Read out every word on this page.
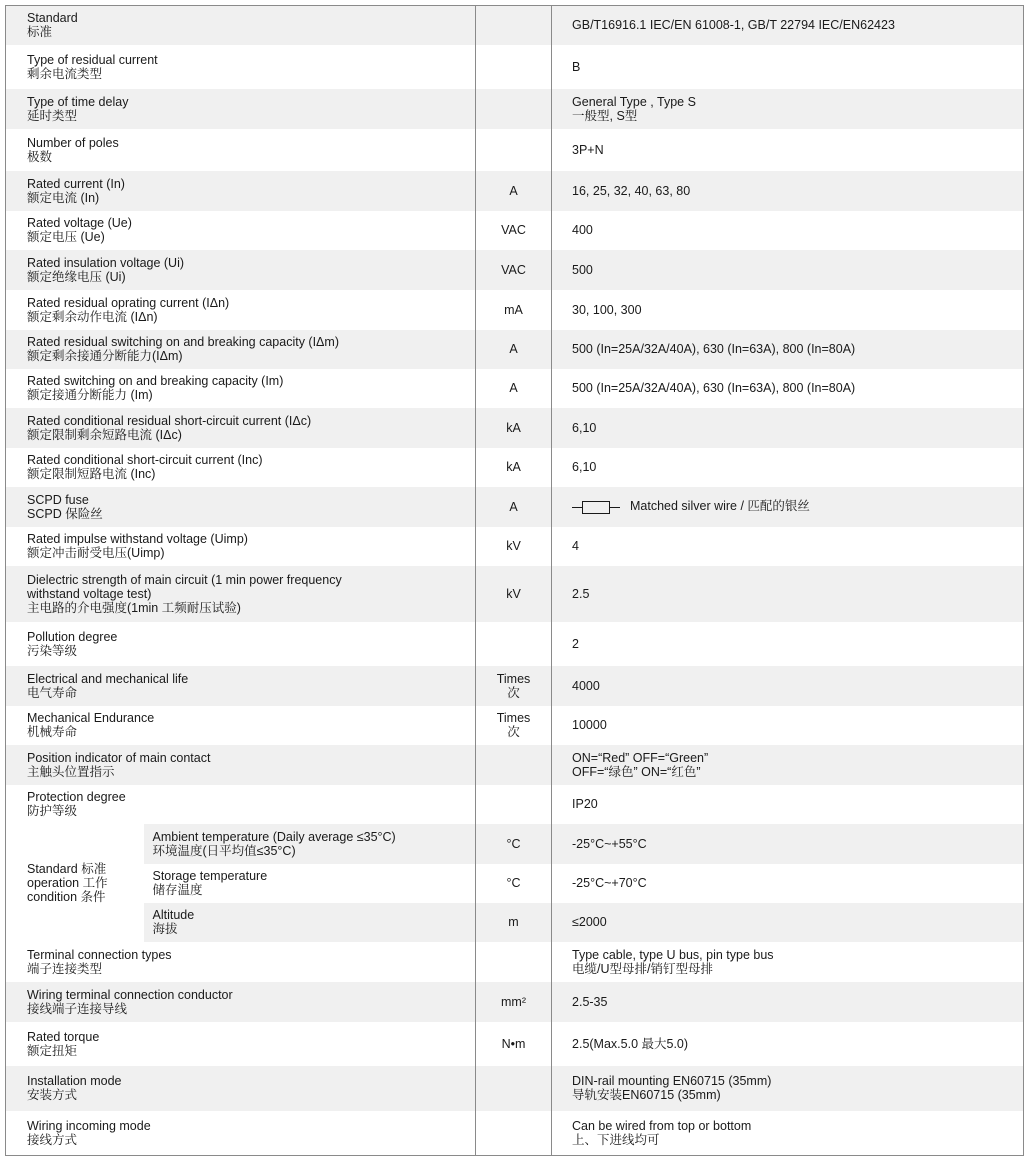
Standard
标准			GB/T16916.1 IEC/EN 61008-1, GB/T 22794 IEC/EN62423

Type of residual current
剩余电流类型			B

Type of time delay
延时类型			General Type , Type S
一般型, S型

Number of poles
极数			3P+N

Rated current (In)
额定电流 (In)		A	16, 25, 32, 40, 63, 80

Rated voltage (Ue)
额定电压 (Ue)		VAC	400

Rated insulation voltage (Ui)
额定绝缘电压 (Ui)		VAC	500

Rated residual oprating current (IΔn)
额定剩余动作电流 (IΔn)		mA	30, 100, 300

Rated residual switching on and breaking capacity (IΔm)
额定剩余接通分断能力(IΔm)		A	500 (In=25A/32A/40A), 630 (In=63A), 800 (In=80A)

Rated switching on and breaking capacity (Im)
额定接通分断能力 (Im)		A	500 (In=25A/32A/40A), 630 (In=63A), 800 (In=80A)

Rated conditional residual short-circuit current (IΔc)
额定限制剩余短路电流 (IΔc)		kA	6,10

Rated conditional short-circuit current (Inc)
额定限制短路电流 (Inc)		kA	6,10

SCPD fuse
SCPD 保险丝		A	Matched silver wire / 匹配的银丝

Rated impulse withstand voltage (Uimp)
额定冲击耐受电压(Uimp)		kV	4

Dielectric strength of main circuit (1 min power frequency
withstand voltage test)
主电路的介电强度(1min 工频耐压试验)		kV	2.5

Pollution degree
污染等级			2

Electrical and mechanical life
电气寿命		Times
次	4000

Mechanical Endurance
机械寿命		Times
次	10000

Position indicator of main contact
主触头位置指示			ON=“Red” OFF=“Green”
OFF=“绿色” ON=“红色”

Protection degree
防护等级			IP20

Standard 标准
operation 工作
condition 条件	Ambient temperature (Daily average ≤35°C)
环境温度(日平均值≤35°C)	°C	-25°C~+55°C

	Storage temperature
储存温度	°C	-25°C~+70°C

	Altitude
海拔	m	≤2000

Terminal connection types
端子连接类型			Type cable, type U bus, pin type bus
电缆/U型母排/销钉型母排

Wiring terminal connection conductor
接线端子连接导线		mm²	2.5-35

Rated torque
额定扭矩		N•m	2.5(Max.5.0 最大5.0)

Installation mode
安装方式			DIN-rail mounting EN60715 (35mm)
导轨安装EN60715 (35mm)

Wiring incoming mode
接线方式			Can be wired from top or bottom
上、下进线均可
